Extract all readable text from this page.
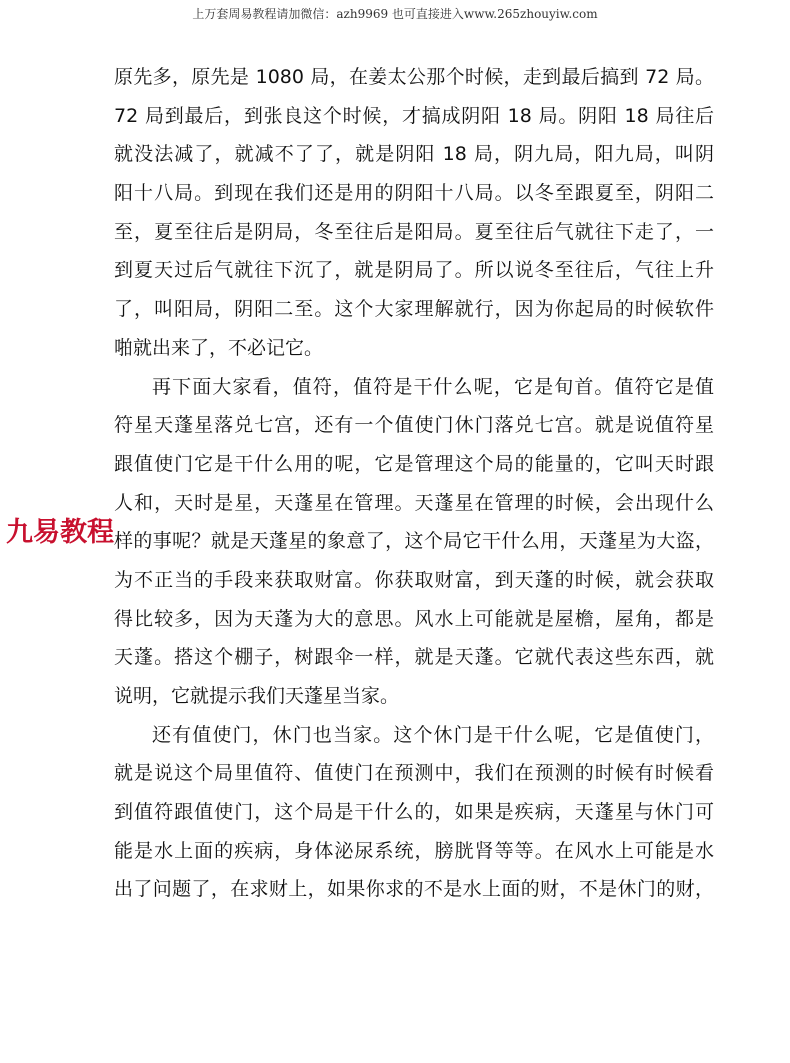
上万套周易教程请加微信：azh9969 也可直接进入www.265zhouyiw.com
九易教程
原先多，原先是 1080 局，在姜太公那个时候，走到最后搞到 72 局。
72 局到最后，到张良这个时候，才搞成阴阳 18 局。阴阳 18 局往后
就没法减了，就减不了了，就是阴阳 18 局，阴九局，阳九局，叫阴
阳十八局。到现在我们还是用的阴阳十八局。以冬至跟夏至，阴阳二
至，夏至往后是阴局，冬至往后是阳局。夏至往后气就往下走了，一
到夏天过后气就往下沉了，就是阴局了。所以说冬至往后，气往上升
了，叫阳局，阴阳二至。这个大家理解就行，因为你起局的时候软件
啪就出来了，不必记它。
再下面大家看，值符，值符是干什么呢，它是旬首。值符它是值
符星天蓬星落兑七宫，还有一个值使门休门落兑七宫。就是说值符星
跟值使门它是干什么用的呢，它是管理这个局的能量的，它叫天时跟
人和，天时是星，天蓬星在管理。天蓬星在管理的时候，会出现什么
样的事呢？就是天蓬星的象意了，这个局它干什么用，天蓬星为大盗，
为不正当的手段来获取财富。你获取财富，到天蓬的时候，就会获取
得比较多，因为天蓬为大的意思。风水上可能就是屋檐，屋角，都是
天蓬。搭这个棚子，树跟伞一样，就是天蓬。它就代表这些东西，就
说明，它就提示我们天蓬星当家。
还有值使门，休门也当家。这个休门是干什么呢，它是值使门，
就是说这个局里值符、值使门在预测中，我们在预测的时候有时候看
到值符跟值使门，这个局是干什么的，如果是疾病，天蓬星与休门可
能是水上面的疾病，身体泌尿系统，膀胱肾等等。在风水上可能是水
出了问题了，在求财上，如果你求的不是水上面的财，不是休门的财，
